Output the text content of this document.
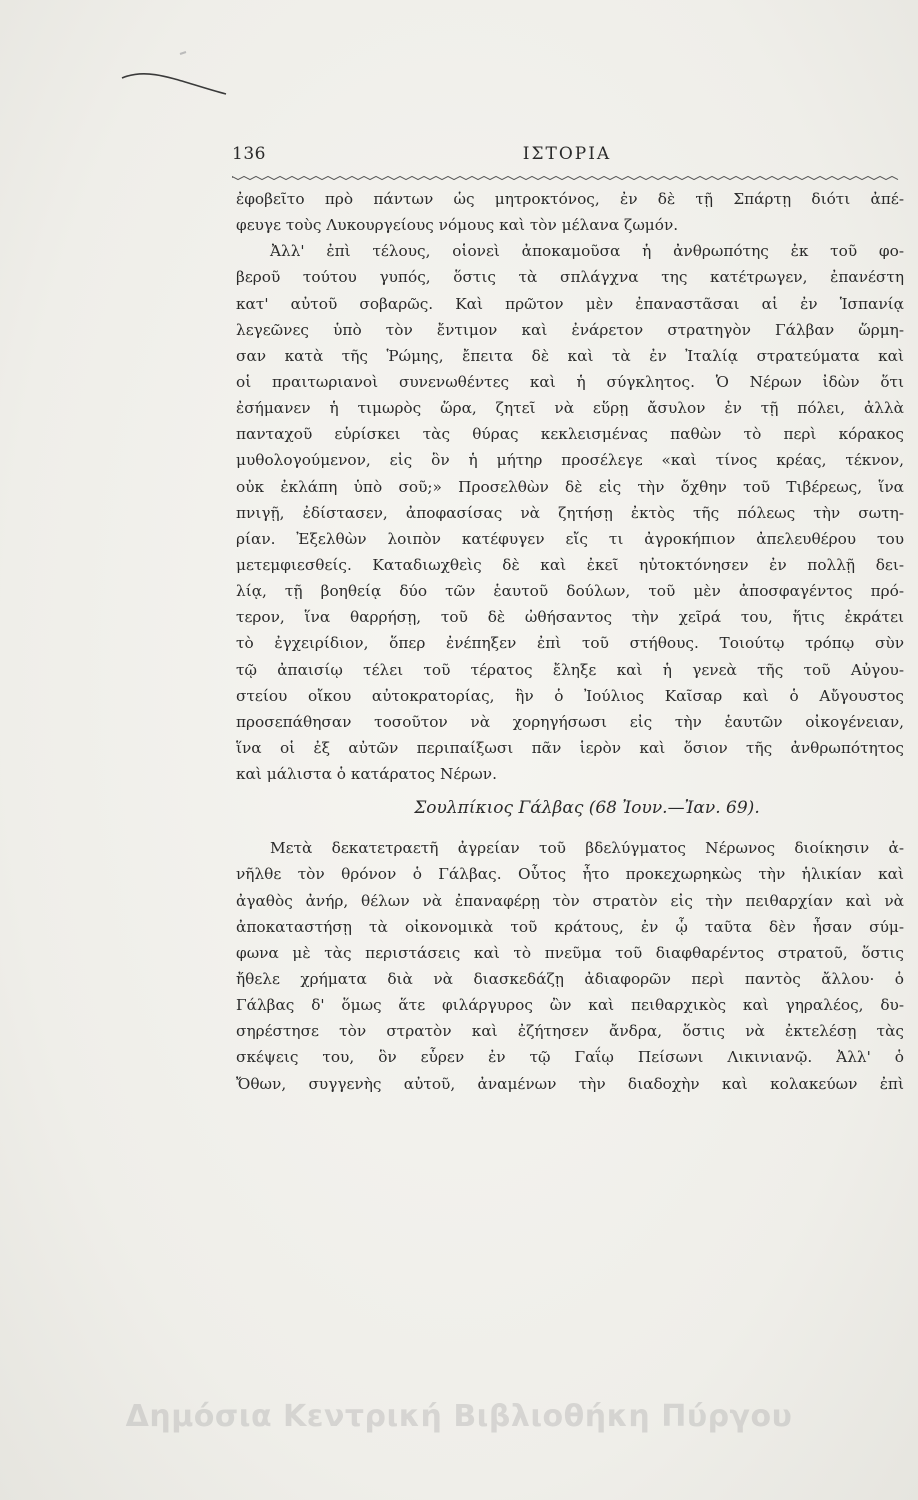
136	ΙΣΤΟΡΙΑ
ἐφοβεῖτο πρὸ πάντων ὡς μητροκτόνος, ἐν δὲ τῇ Σπάρτῃ διότι ἀπέ-
φευγε τοὺς Λυκουργείους νόμους καὶ τὸν μέλανα ζωμόν.
Ἀλλ' ἐπὶ τέλους, οἱονεὶ ἀποκαμοῦσα ἡ ἀνθρωπότης ἐκ τοῦ φο-
βεροῦ τούτου γυπός, ὅστις τὰ σπλάγχνα της κατέτρωγεν, ἐπανέστη
κατ' αὐτοῦ σοβαρῶς. Καὶ πρῶτον μὲν ἐπαναστᾶσαι αἱ ἐν Ἱσπανίᾳ
λεγεῶνες ὑπὸ τὸν ἔντιμον καὶ ἐνάρετον στρατηγὸν Γάλβαν ὥρμη-
σαν κατὰ τῆς Ῥώμης, ἔπειτα δὲ καὶ τὰ ἐν Ἰταλίᾳ στρατεύματα καὶ
οἱ πραιτωριανοὶ συνενωθέντες καὶ ἡ σύγκλητος. Ὁ Νέρων ἰδὼν ὅτι
ἐσήμανεν ἡ τιμωρὸς ὥρα, ζητεῖ νὰ εὕρῃ ἄσυλον ἐν τῇ πόλει, ἀλλὰ
πανταχοῦ εὑρίσκει τὰς θύρας κεκλεισμένας παθὼν τὸ περὶ κόρακος
μυθολογούμενον, εἰς ὃν ἡ μήτηρ προσέλεγε «καὶ τίνος κρέας, τέκνον,
οὐκ ἐκλάπη ὑπὸ σοῦ;» Προσελθὼν δὲ εἰς τὴν ὄχθην τοῦ Τιβέρεως, ἵνα
πνιγῇ, ἐδίστασεν, ἀποφασίσας νὰ ζητήσῃ ἐκτὸς τῆς πόλεως τὴν σωτη-
ρίαν. Ἐξελθὼν λοιπὸν κατέφυγεν εἴς τι ἀγροκήπιον ἀπελευθέρου του
μετεμφιεσθείς. Καταδιωχθεὶς δὲ καὶ ἐκεῖ ηὐτοκτόνησεν ἐν πολλῇ δει-
λίᾳ, τῇ βοηθείᾳ δύο τῶν ἑαυτοῦ δούλων, τοῦ μὲν ἀποσφαγέντος πρό-
τερον, ἵνα θαρρήσῃ, τοῦ δὲ ὠθήσαντος τὴν χεῖρά του, ἥτις ἐκράτει
τὸ ἐγχειρίδιον, ὅπερ ἐνέπηξεν ἐπὶ τοῦ στήθους. Τοιούτῳ τρόπῳ σὺν
τῷ ἀπαισίῳ τέλει τοῦ τέρατος ἔληξε καὶ ἡ γενεὰ τῆς τοῦ Αὐγου-
στείου οἴκου αὐτοκρατορίας, ἣν ὁ Ἰούλιος Καῖσαρ καὶ ὁ Αὔγουστος
προσεπάθησαν τοσοῦτον νὰ χορηγήσωσι εἰς τὴν ἑαυτῶν οἰκογένειαν,
ἵνα οἱ ἐξ αὐτῶν περιπαίξωσι πᾶν ἱερὸν καὶ ὅσιον τῆς ἀνθρωπότητος
καὶ μάλιστα ὁ κατάρατος Νέρων.
Σουλπίκιος Γάλβας (68 Ἰουν.—Ἰαν. 69).
Μετὰ δεκατετραετῆ ἀγρείαν τοῦ βδελύγματος Νέρωνος διοίκησιν ἀ-
νῆλθε τὸν θρόνον ὁ Γάλβας. Οὗτος ἦτο προκεχωρηκὼς τὴν ἡλικίαν καὶ
ἀγαθὸς ἀνήρ, θέλων νὰ ἐπαναφέρῃ τὸν στρατὸν εἰς τὴν πειθαρχίαν καὶ νὰ
ἀποκαταστήσῃ τὰ οἰκονομικὰ τοῦ κράτους, ἐν ᾧ ταῦτα δὲν ἦσαν σύμ-
φωνα μὲ τὰς περιστάσεις καὶ τὸ πνεῦμα τοῦ διαφθαρέντος στρατοῦ, ὅστις
ἤθελε χρήματα διὰ νὰ διασκεδάζῃ ἀδιαφορῶν περὶ παντὸς ἄλλου· ὁ
Γάλβας δ' ὅμως ἅτε φιλάργυρος ὢν καὶ πειθαρχικὸς καὶ γηραλέος, δυ-
σηρέστησε τὸν στρατὸν καὶ ἐζήτησεν ἄνδρα, ὅστις νὰ ἐκτελέσῃ τὰς
σκέψεις του, ὃν εὗρεν ἐν τῷ Γαΐῳ Πείσωνι Λικινιανῷ. Ἀλλ' ὁ
Ὄθων, συγγενὴς αὐτοῦ, ἀναμένων τὴν διαδοχὴν καὶ κολακεύων ἐπὶ
Δημόσια Κεντρική Βιβλιοθήκη Πύργου
